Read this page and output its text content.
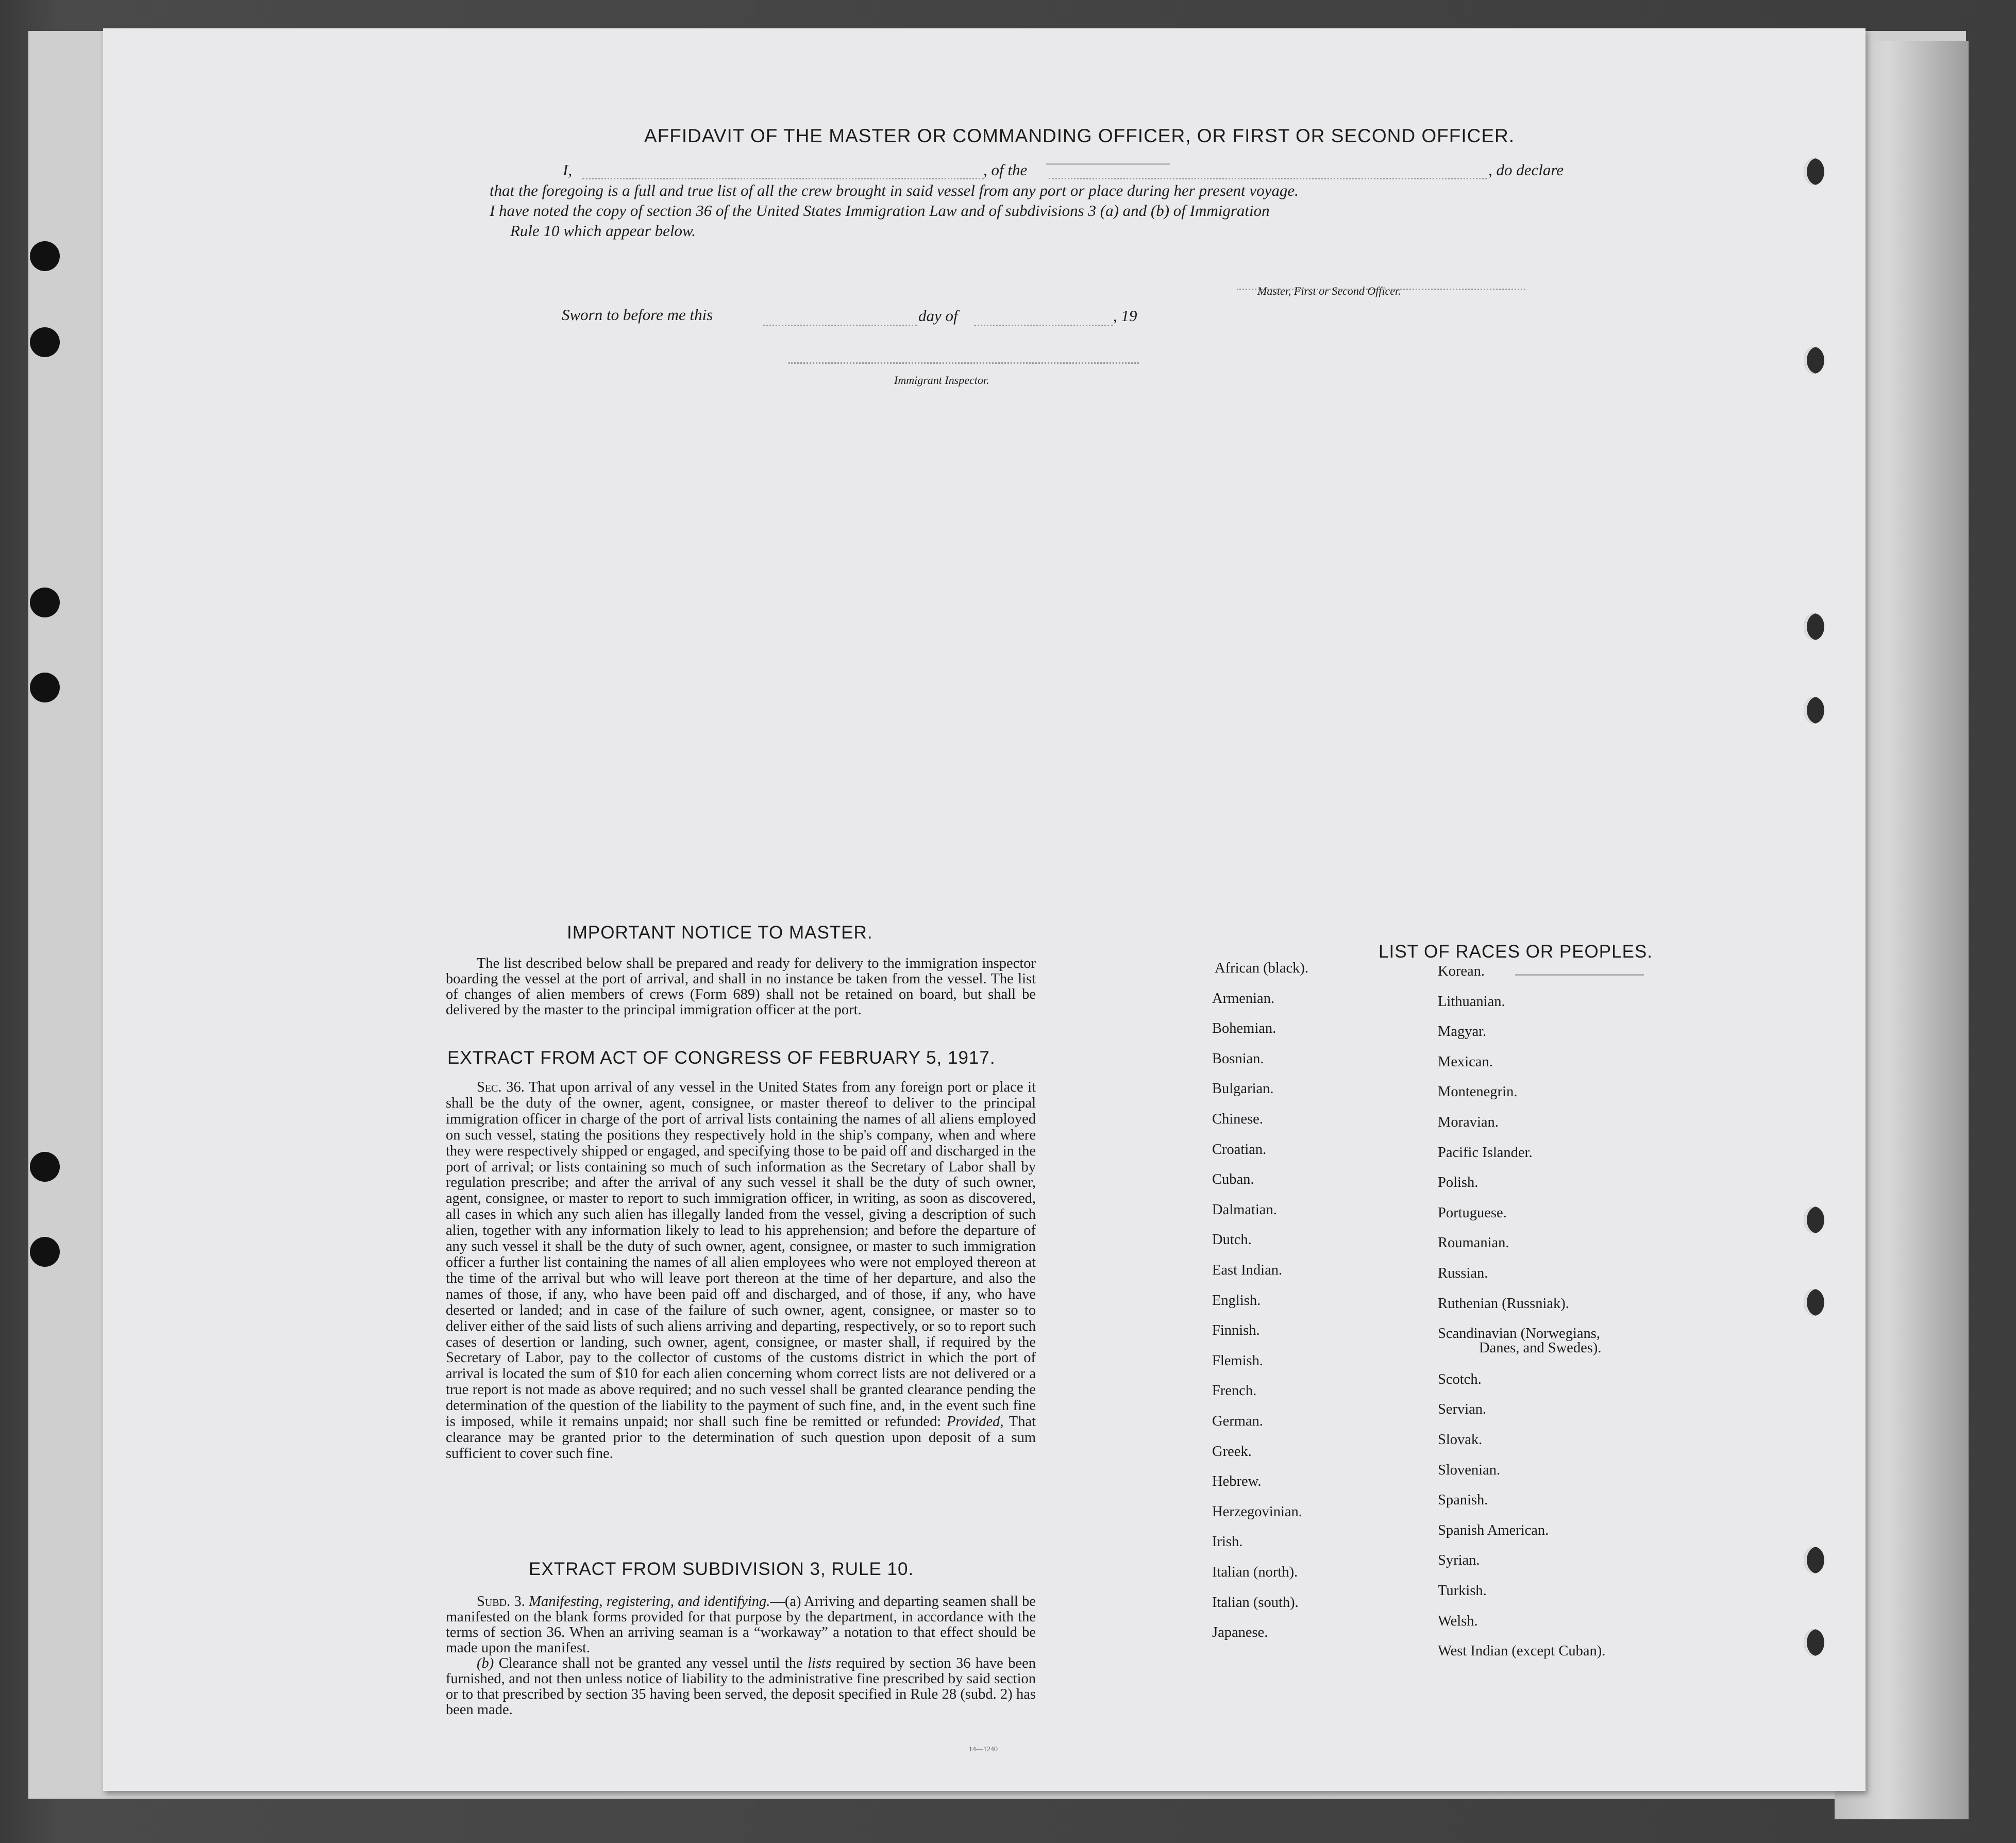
AFFIDAVIT OF THE MASTER OR COMMANDING OFFICER, OR FIRST OR SECOND OFFICER.
I,	, of the	, do declare
that the foregoing is a full and true list of all the crew brought in said vessel from any port or place during her present voyage.
I have noted the copy of section 36 of the United States Immigration Law and of subdivisions 3 (a) and (b) of Immigration
Rule 10 which appear below.
Master, First or Second Officer.
Sworn to before me this	day of	, 19
Immigrant Inspector.
IMPORTANT NOTICE TO MASTER.
The list described below shall be prepared and ready for delivery to the immigration inspector boarding the vessel at the port of arrival, and shall in no instance be taken from the vessel. The list of changes of alien members of crews (Form 689) shall not be retained on board, but shall be delivered by the master to the principal immigration officer at the port.
EXTRACT FROM ACT OF CONGRESS OF FEBRUARY 5, 1917.
Sec. 36. That upon arrival of any vessel in the United States from any foreign port or place it shall be the duty of the owner, agent, consignee, or master thereof to deliver to the principal immigration officer in charge of the port of arrival lists containing the names of all aliens employed on such vessel, stating the positions they respectively hold in the ship's company, when and where they were respectively shipped or engaged, and specifying those to be paid off and discharged in the port of arrival; or lists containing so much of such information as the Secretary of Labor shall by regulation prescribe; and after the arrival of any such vessel it shall be the duty of such owner, agent, consignee, or master to report to such immigration officer, in writing, as soon as discovered, all cases in which any such alien has illegally landed from the vessel, giving a description of such alien, together with any information likely to lead to his apprehension; and before the departure of any such vessel it shall be the duty of such owner, agent, consignee, or master to such immigration officer a further list containing the names of all alien employees who were not employed thereon at the time of the arrival but who will leave port thereon at the time of her departure, and also the names of those, if any, who have been paid off and discharged, and of those, if any, who have deserted or landed; and in case of the failure of such owner, agent, consignee, or master so to deliver either of the said lists of such aliens arriving and departing, respectively, or so to report such cases of desertion or landing, such owner, agent, consignee, or master shall, if required by the Secretary of Labor, pay to the collector of customs of the customs district in which the port of arrival is located the sum of $10 for each alien concerning whom correct lists are not delivered or a true report is not made as above required; and no such vessel shall be granted clearance pending the determination of the question of the liability to the payment of such fine, and, in the event such fine is imposed, while it remains unpaid; nor shall such fine be remitted or refunded: Provided, That clearance may be granted prior to the determination of such question upon deposit of a sum sufficient to cover such fine.
EXTRACT FROM SUBDIVISION 3, RULE 10.
Subd. 3. Manifesting, registering, and identifying.—(a) Arriving and departing seamen shall be manifested on the blank forms provided for that purpose by the department, in accordance with the terms of section 36. When an arriving seaman is a “workaway” a notation to that effect should be made upon the manifest.
(b) Clearance shall not be granted any vessel until the lists required by section 36 have been furnished, and not then unless notice of liability to the administrative fine prescribed by said section or to that prescribed by section 35 having been served, the deposit specified in Rule 28 (subd. 2) has been made.
14—1240
LIST OF RACES OR PEOPLES.
African (black).
Armenian.
Bohemian.
Bosnian.
Bulgarian.
Chinese.
Croatian.
Cuban.
Dalmatian.
Dutch.
East Indian.
English.
Finnish.
Flemish.
French.
German.
Greek.
Hebrew.
Herzegovinian.
Irish.
Italian (north).
Italian (south).
Japanese.
Korean.
Lithuanian.
Magyar.
Mexican.
Montenegrin.
Moravian.
Pacific Islander.
Polish.
Portuguese.
Roumanian.
Russian.
Ruthenian (Russniak).
Scandinavian (Norwegians,
Danes, and Swedes).
Scotch.
Servian.
Slovak.
Slovenian.
Spanish.
Spanish American.
Syrian.
Turkish.
Welsh.
West Indian (except Cuban).
